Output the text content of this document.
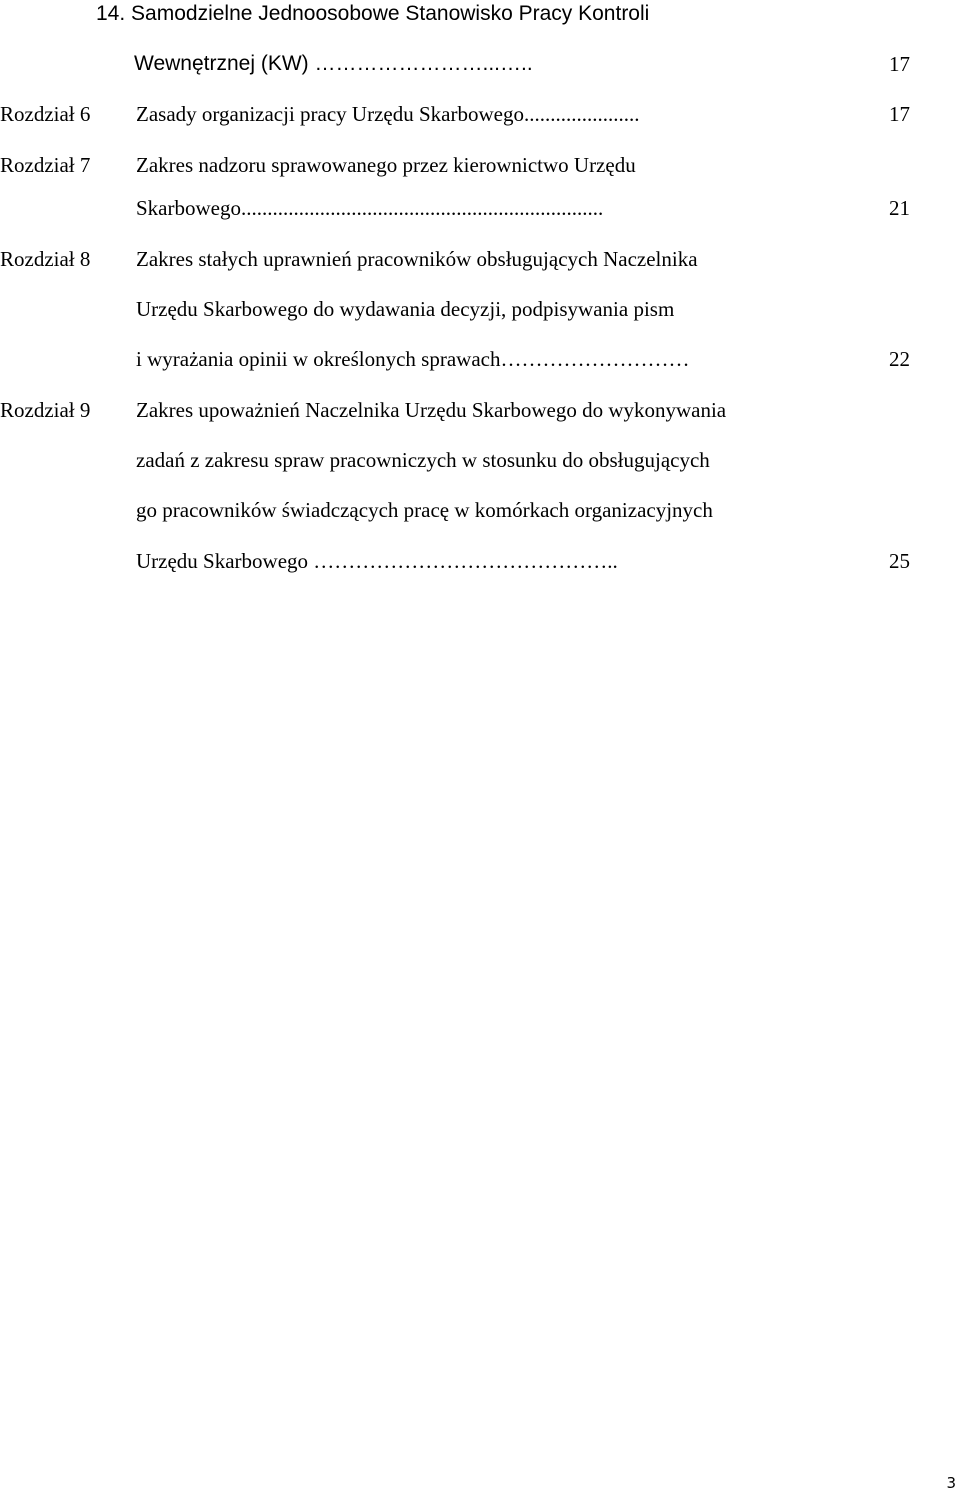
14. Samodzielne Jednoosobowe Stanowisko Pracy Kontroli
Wewnętrznej (KW) ……………………...…..	17
Rozdział 6 Zasady organizacji pracy Urzędu Skarbowego......................	17
Rozdział 7 Zakres nadzoru sprawowanego przez kierownictwo Urzędu
Skarbowego.....................................................................	21
Rozdział 8 Zakres stałych uprawnień pracowników obsługujących Naczelnika
Urzędu Skarbowego do wydawania decyzji, podpisywania pism
i wyrażania opinii w określonych sprawach………………………	22
Rozdział 9 Zakres upoważnień Naczelnika Urzędu Skarbowego do wykonywania
zadań z zakresu spraw pracowniczych w stosunku do obsługujących
go pracowników świadczących pracę w komórkach organizacyjnych
Urzędu Skarbowego ……………………………………..	25
3
